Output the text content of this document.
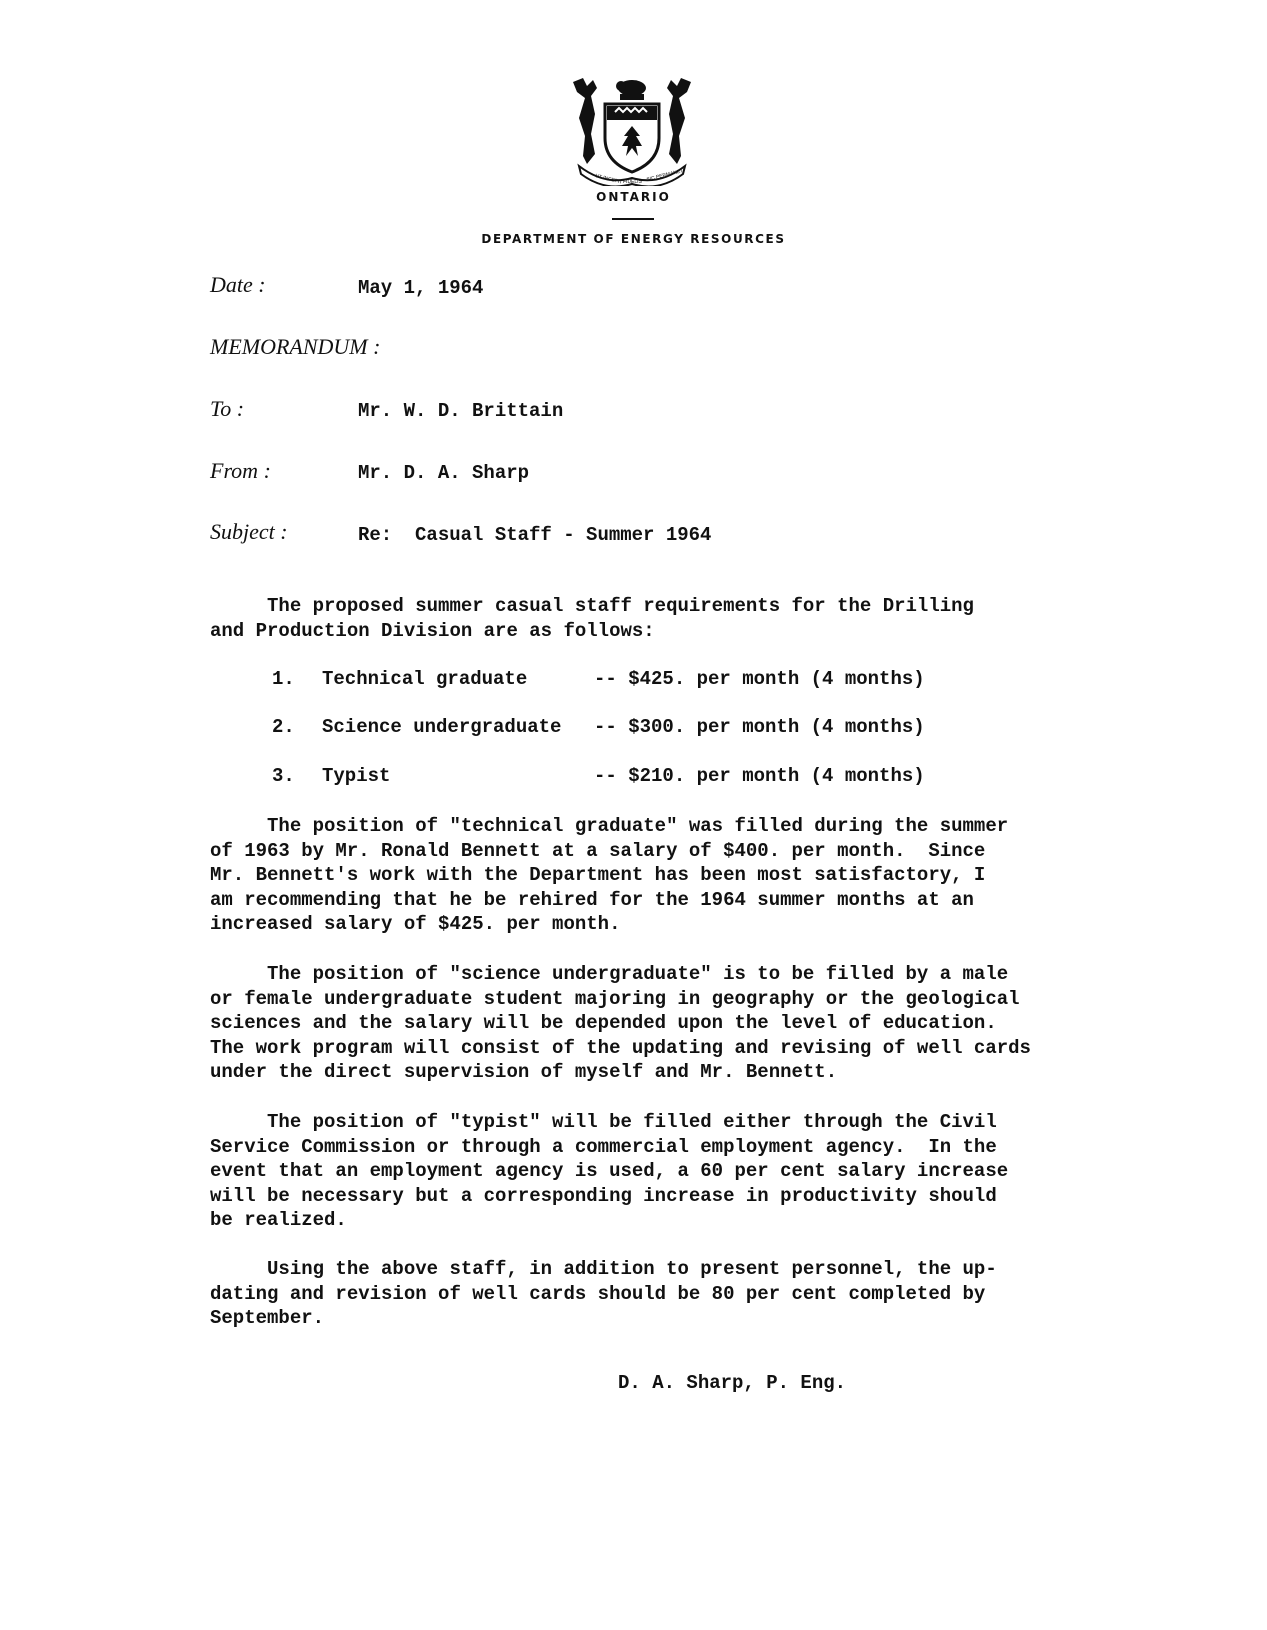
UT INCEPIT FIDELIS SIC PERMANET
ONTARIO
DEPARTMENT OF ENERGY RESOURCES
Date :	May 1, 1964
MEMORANDUM :
To :	Mr. W. D. Brittain
From :	Mr. D. A. Sharp
Subject :	Re:  Casual Staff - Summer 1964

The proposed summer casual staff requirements for the Drilling
and Production Division are as follows:

1. Technical graduate	-- $425. per month (4 months)
2. Science undergraduate -- $300. per month (4 months)
3. Typist	-- $210. per month (4 months)

The position of "technical graduate" was filled during the summer
of 1963 by Mr. Ronald Bennett at a salary of $400. per month.  Since
Mr. Bennett's work with the Department has been most satisfactory, I
am recommending that he be rehired for the 1964 summer months at an
increased salary of $425. per month.

The position of "science undergraduate" is to be filled by a male
or female undergraduate student majoring in geography or the geological
sciences and the salary will be depended upon the level of education.
The work program will consist of the updating and revising of well cards
under the direct supervision of myself and Mr. Bennett.

The position of "typist" will be filled either through the Civil
Service Commission or through a commercial employment agency.  In the
event that an employment agency is used, a 60 per cent salary increase
will be necessary but a corresponding increase in productivity should
be realized.

Using the above staff, in addition to present personnel, the up-
dating and revision of well cards should be 80 per cent completed by
September.

D. A. Sharp, P. Eng.
